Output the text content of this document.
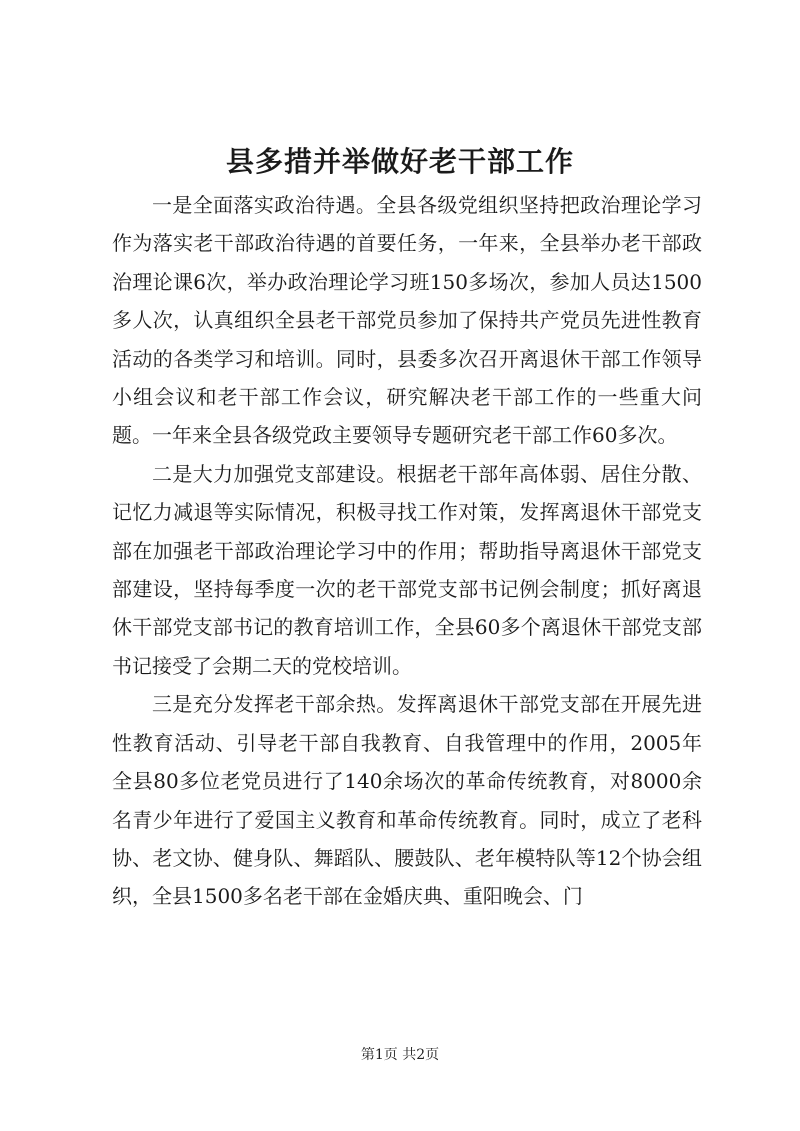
县多措并举做好老干部工作

一是全面落实政治待遇。全县各级党组织坚持把政治理论学习作为落实老干部政治待遇的首要任务，一年来，全县举办老干部政治理论课6次，举办政治理论学习班150多场次，参加人员达1500多人次，认真组织全县老干部党员参加了保持共产党员先进性教育活动的各类学习和培训。同时，县委多次召开离退休干部工作领导小组会议和老干部工作会议，研究解决老干部工作的一些重大问题。一年来全县各级党政主要领导专题研究老干部工作60多次。

二是大力加强党支部建设。根据老干部年高体弱、居住分散、记忆力减退等实际情况，积极寻找工作对策，发挥离退休干部党支部在加强老干部政治理论学习中的作用；帮助指导离退休干部党支部建设，坚持每季度一次的老干部党支部书记例会制度；抓好离退休干部党支部书记的教育培训工作，全县60多个离退休干部党支部书记接受了会期二天的党校培训。

三是充分发挥老干部余热。发挥离退休干部党支部在开展先进性教育活动、引导老干部自我教育、自我管理中的作用，2005年全县80多位老党员进行了140余场次的革命传统教育，对8000余名青少年进行了爱国主义教育和革命传统教育。同时，成立了老科协、老文协、健身队、舞蹈队、腰鼓队、老年模特队等12个协会组织，全县1500多名老干部在金婚庆典、重阳晚会、门

第1页 共2页
